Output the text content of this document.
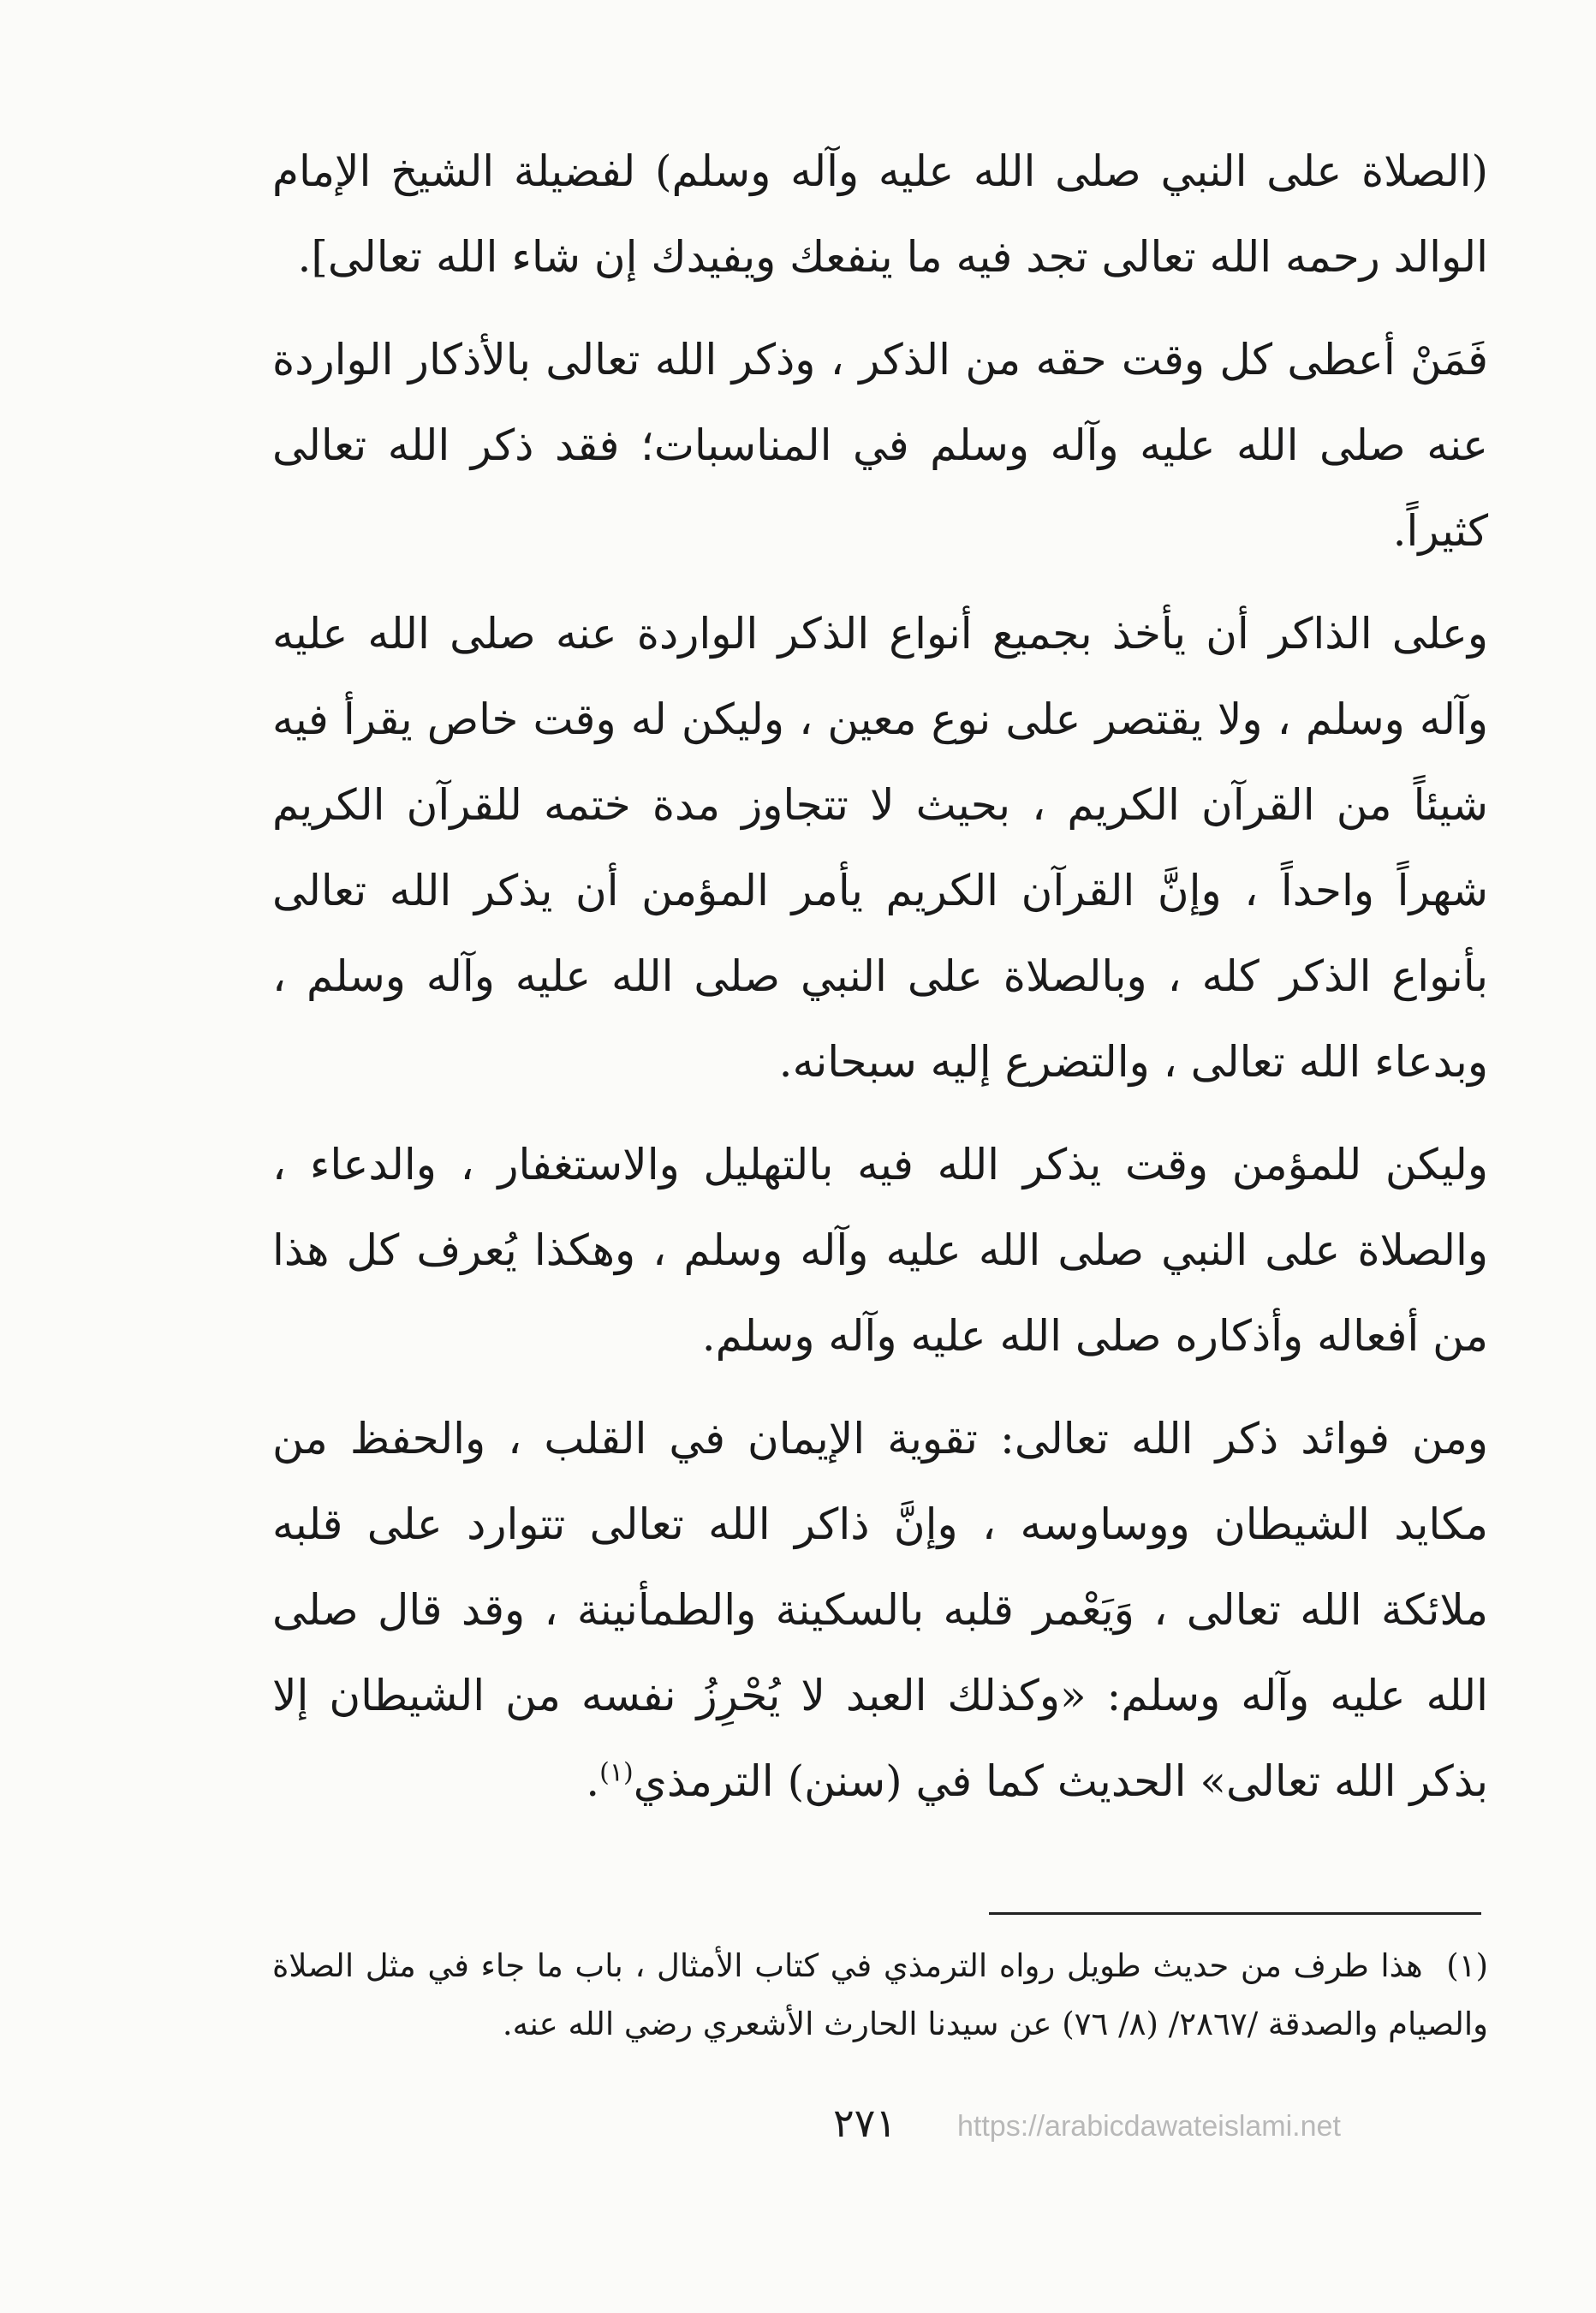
(الصلاة على النبي صلى الله عليه وآله وسلم) لفضيلة الشيخ الإمام الوالد رحمه الله تعالى تجد فيه ما ينفعك ويفيدك إن شاء الله تعالى].

فَمَنْ أعطى كل وقت حقه من الذكر ، وذكر الله تعالى بالأذكار الواردة عنه صلى الله عليه وآله وسلم في المناسبات؛ فقد ذكر الله تعالى كثيراً.

وعلى الذاكر أن يأخذ بجميع أنواع الذكر الواردة عنه صلى الله عليه وآله وسلم ، ولا يقتصر على نوع معين ، وليكن له وقت خاص يقرأ فيه شيئاً من القرآن الكريم ، بحيث لا تتجاوز مدة ختمه للقرآن الكريم شهراً واحداً ، وإنَّ القرآن الكريم يأمر المؤمن أن يذكر الله تعالى بأنواع الذكر كله ، وبالصلاة على النبي صلى الله عليه وآله وسلم ، وبدعاء الله تعالى ، والتضرع إليه سبحانه.

وليكن للمؤمن وقت يذكر الله فيه بالتهليل والاستغفار ، والدعاء ، والصلاة على النبي صلى الله عليه وآله وسلم ، وهكذا يُعرف كل هذا من أفعاله وأذكاره صلى الله عليه وآله وسلم.

ومن فوائد ذكر الله تعالى: تقوية الإيمان في القلب ، والحفظ من مكايد الشيطان ووساوسه ، وإنَّ ذاكر الله تعالى تتوارد على قلبه ملائكة الله تعالى ، وَيَعْمر قلبه بالسكينة والطمأنينة ، وقد قال صلى الله عليه وآله وسلم: «وكذلك العبد لا يُحْرِزُ نفسه من الشيطان إلا بذكر الله تعالى» الحديث كما في (سنن) الترمذي$^{(١)}$.

(١) هذا طرف من حديث طويل رواه الترمذي في كتاب الأمثال ، باب ما جاء في مثل الصلاة والصيام والصدقة /٢٨٦٧/ (٨/ ٧٦) عن سيدنا الحارث الأشعري رضي الله عنه.
٢٧١	https://arabicdawateislami.net
